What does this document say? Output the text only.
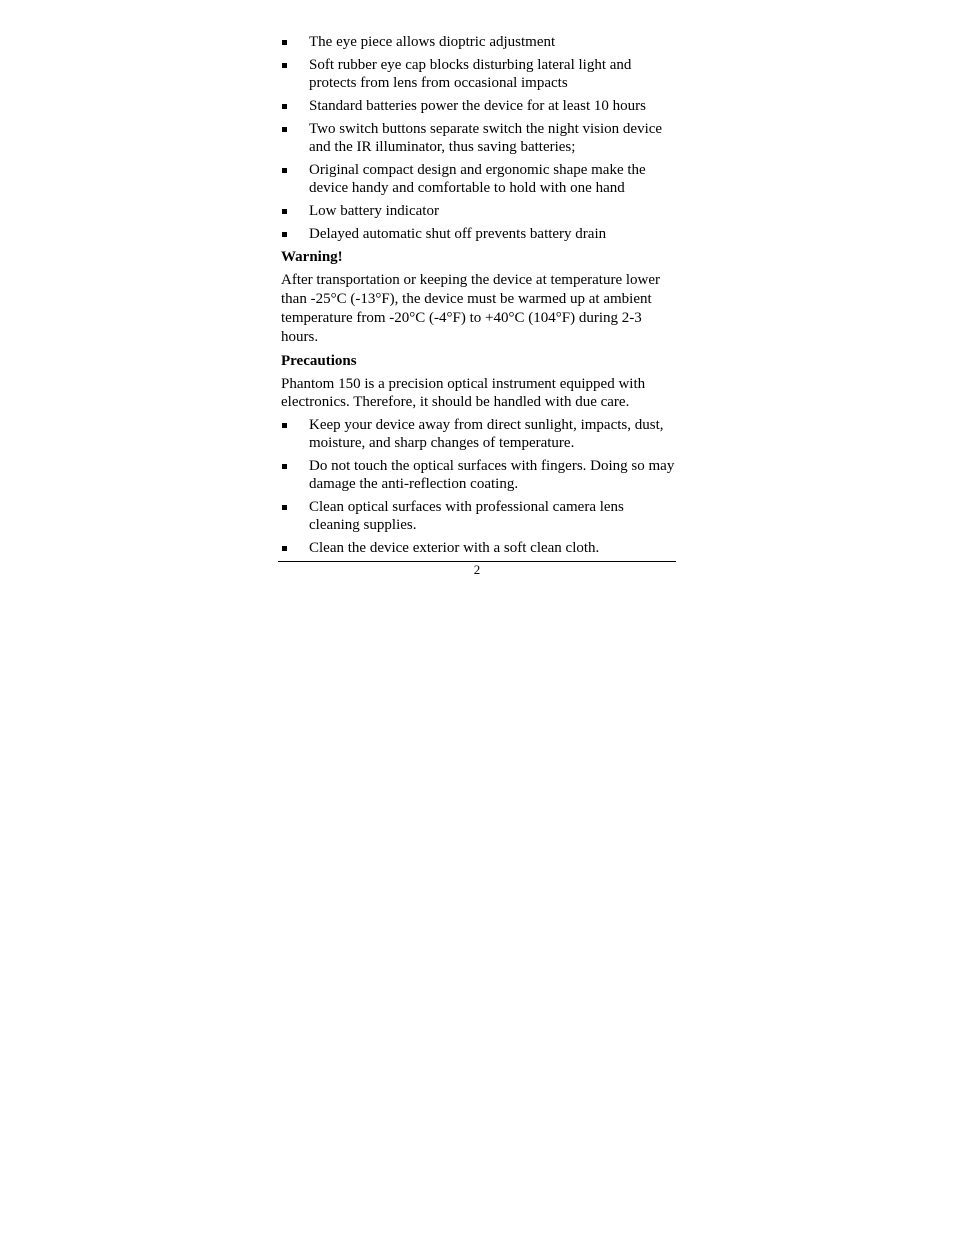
The eye piece allows dioptric adjustment
Soft rubber eye cap blocks disturbing lateral light and protects from lens from occasional impacts
Standard batteries power the device for at least 10 hours
Two switch buttons separate switch the night vision device and the IR illuminator, thus saving batteries;
Original compact design and ergonomic shape make the device handy and comfortable to hold with one hand
Low battery indicator
Delayed automatic shut off prevents battery drain
Warning!
After transportation or keeping the device at temperature lower than -25°C (-13°F), the device must be warmed up at ambient temperature from -20°C (-4°F) to +40°C (104°F) during 2-3 hours.
Precautions
Phantom 150 is a precision optical instrument equipped with electronics. Therefore, it should be handled with due care.
Keep your device away from direct sunlight, impacts, dust, moisture, and sharp changes of temperature.
Do not touch the optical surfaces with fingers. Doing so may damage the anti-reflection coating.
Clean optical surfaces with professional camera lens cleaning supplies.
Clean the device exterior with a soft clean cloth.
2
